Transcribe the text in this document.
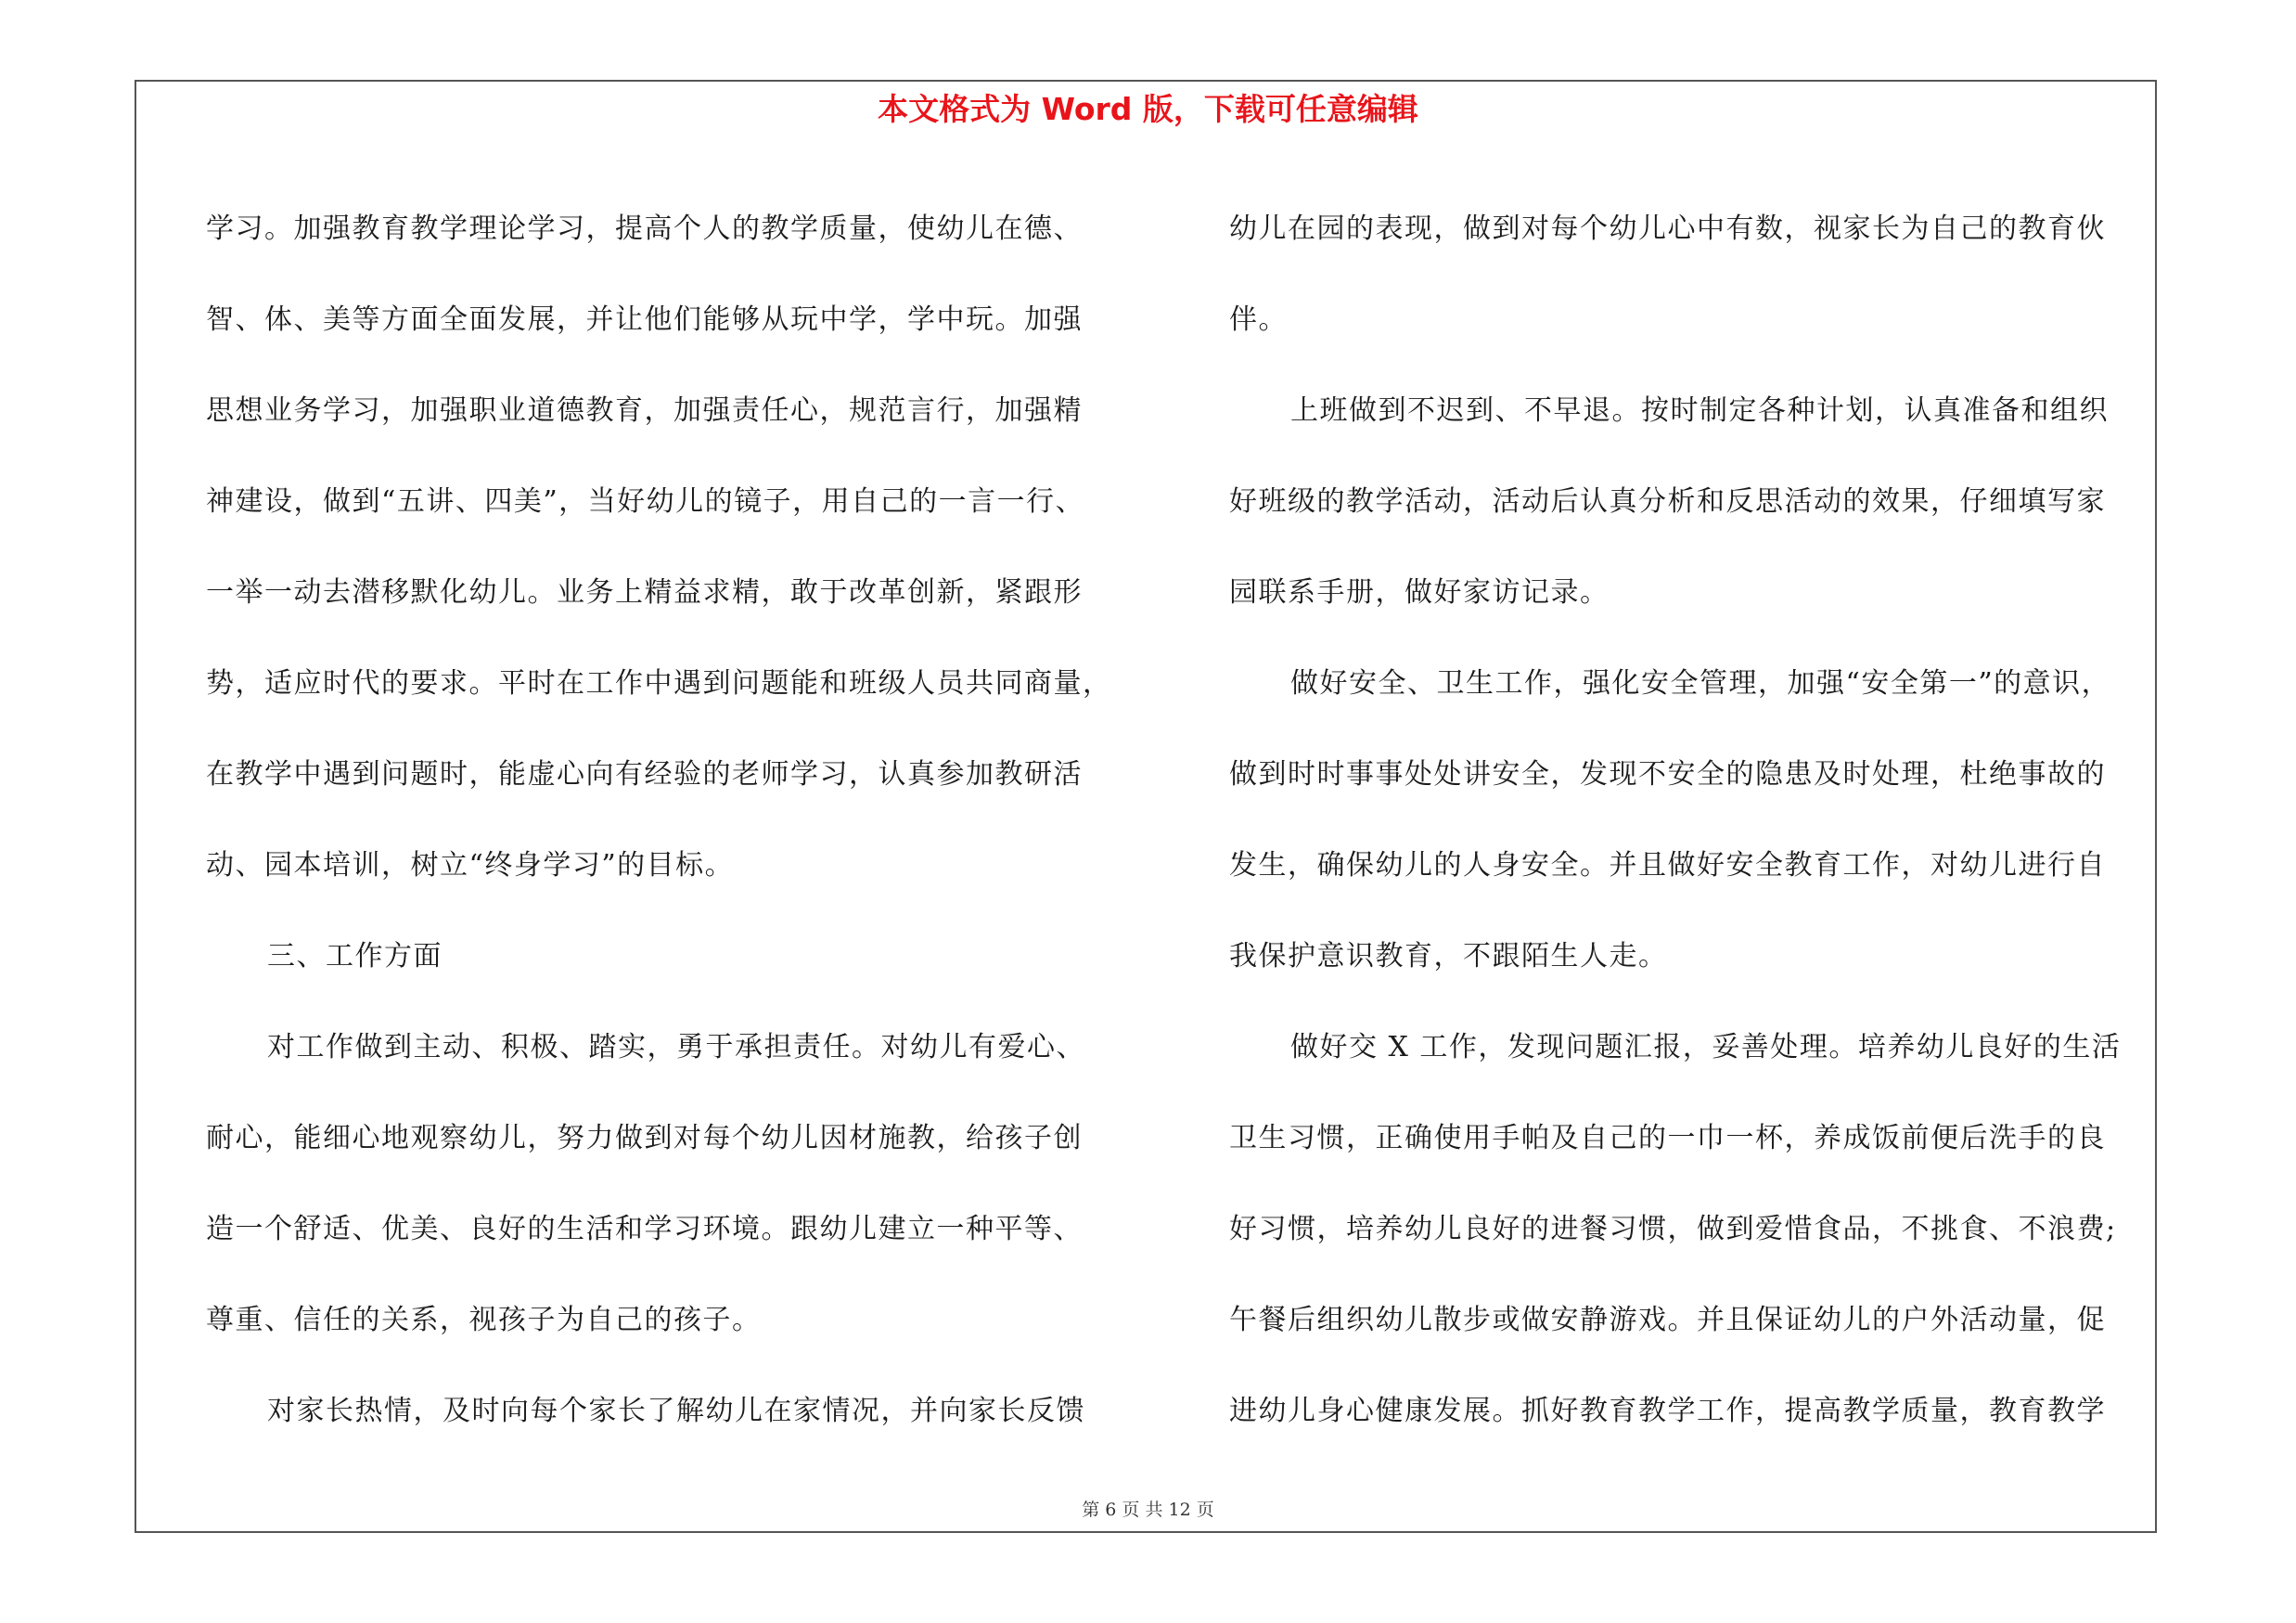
本文格式为 Word 版，下载可任意编辑

学习。加强教育教学理论学习，提高个人的教学质量，使幼儿在德、

智、体、美等方面全面发展，并让他们能够从玩中学，学中玩。加强

思想业务学习，加强职业道德教育，加强责任心，规范言行，加强精

神建设，做到“五讲、四美”，当好幼儿的镜子，用自己的一言一行、

一举一动去潜移默化幼儿。业务上精益求精，敢于改革创新，紧跟形

势，适应时代的要求。平时在工作中遇到问题能和班级人员共同商量，

在教学中遇到问题时，能虚心向有经验的老师学习，认真参加教研活

动、园本培训，树立“终身学习”的目标。

三、工作方面

对工作做到主动、积极、踏实，勇于承担责任。对幼儿有爱心、

耐心，能细心地观察幼儿，努力做到对每个幼儿因材施教，给孩子创

造一个舒适、优美、良好的生活和学习环境。跟幼儿建立一种平等、

尊重、信任的关系，视孩子为自己的孩子。

对家长热情，及时向每个家长了解幼儿在家情况，并向家长反馈

幼儿在园的表现，做到对每个幼儿心中有数，视家长为自己的教育伙

伴。

上班做到不迟到、不早退。按时制定各种计划，认真准备和组织

好班级的教学活动，活动后认真分析和反思活动的效果，仔细填写家

园联系手册，做好家访记录。

做好安全、卫生工作，强化安全管理，加强“安全第一”的意识，

做到时时事事处处讲安全，发现不安全的隐患及时处理，杜绝事故的

发生，确保幼儿的人身安全。并且做好安全教育工作，对幼儿进行自

我保护意识教育，不跟陌生人走。

做好交 X 工作，发现问题汇报，妥善处理。培养幼儿良好的生活

卫生习惯，正确使用手帕及自己的一巾一杯，养成饭前便后洗手的良

好习惯，培养幼儿良好的进餐习惯，做到爱惜食品，不挑食、不浪费;

午餐后组织幼儿散步或做安静游戏。并且保证幼儿的户外活动量，促

进幼儿身心健康发展。抓好教育教学工作，提高教学质量，教育教学

第 6 页 共 12 页
